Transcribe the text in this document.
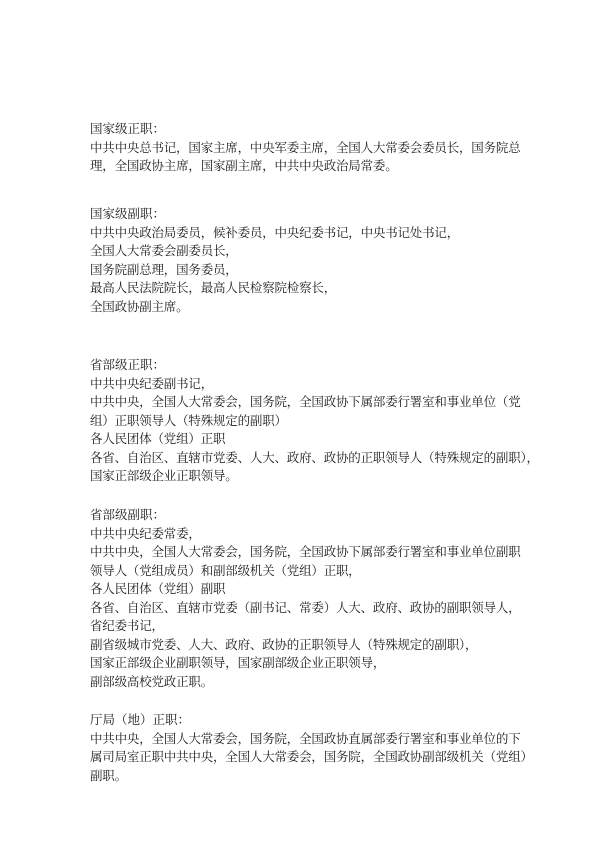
国家级正职：
中共中央总书记，国家主席，中央军委主席，全国人大常委会委员长，国务院总
理，全国政协主席，国家副主席，中共中央政治局常委。
国家级副职：
中共中央政治局委员，候补委员，中央纪委书记，中央书记处书记，
全国人大常委会副委员长，
国务院副总理，国务委员，
最高人民法院院长，最高人民检察院检察长，
全国政协副主席。
省部级正职：
中共中央纪委副书记，
中共中央，全国人大常委会，国务院，全国政协下属部委行署室和事业单位（党
组）正职领导人（特殊规定的副职）
各人民团体（党组）正职
各省、自治区、直辖市党委、人大、政府、政协的正职领导人（特殊规定的副职），
国家正部级企业正职领导。
省部级副职：
中共中央纪委常委，
中共中央，全国人大常委会，国务院，全国政协下属部委行署室和事业单位副职
领导人（党组成员）和副部级机关（党组）正职，
各人民团体（党组）副职
各省、自治区、直辖市党委（副书记、常委）人大、政府、政协的副职领导人，
省纪委书记，
副省级城市党委、人大、政府、政协的正职领导人（特殊规定的副职），
国家正部级企业副职领导，国家副部级企业正职领导，
副部级高校党政正职。
厅局（地）正职：
中共中央，全国人大常委会，国务院，全国政协直属部委行署室和事业单位的下
属司局室正职中共中央，全国人大常委会，国务院，全国政协副部级机关（党组）
副职。
